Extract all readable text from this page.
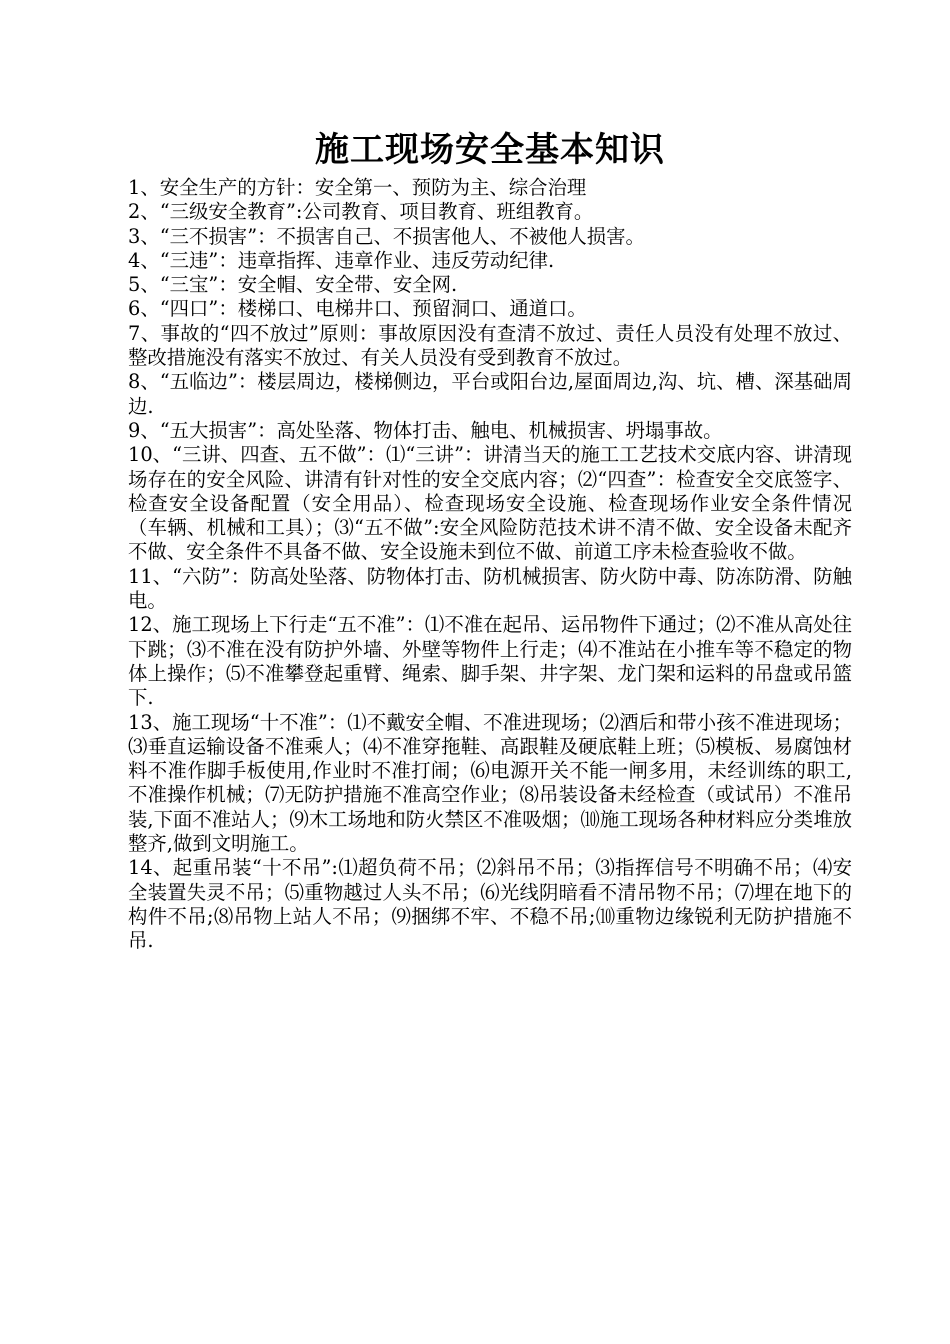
施工现场安全基本知识

1、安全生产的方针：安全第一、预防为主、综合治理

2、“三级安全教育”:公司教育、项目教育、班组教育。

3、“三不损害”：不损害自己、不损害他人、不被他人损害。

4、“三违”：违章指挥、违章作业、违反劳动纪律.

5、“三宝”：安全帽、安全带、安全网.

6、“四口”：楼梯口、电梯井口、预留洞口、通道口。

7、事故的“四不放过”原则：事故原因没有查清不放过、责任人员没有处理不放过、整改措施没有落实不放过、有关人员没有受到教育不放过。

8、“五临边”：楼层周边，楼梯侧边，平台或阳台边,屋面周边,沟、坑、槽、深基础周边.

9、“五大损害”：高处坠落、物体打击、触电、机械损害、坍塌事故。

10、“三讲、四查、五不做”：⑴“三讲”：讲清当天的施工工艺技术交底内容、讲清现场存在的安全风险、讲清有针对性的安全交底内容；⑵“四查”：检查安全交底签字、检查安全设备配置（安全用品）、检查现场安全设施、检查现场作业安全条件情况（车辆、机械和工具）；⑶“五不做”:安全风险防范技术讲不清不做、安全设备未配齐不做、安全条件不具备不做、安全设施未到位不做、前道工序未检查验收不做。

11、“六防”：防高处坠落、防物体打击、防机械损害、防火防中毒、防冻防滑、防触电。

12、施工现场上下行走“五不准”：⑴不准在起吊、运吊物件下通过；⑵不准从高处往下跳；⑶不准在没有防护外墙、外壁等物件上行走；⑷不准站在小推车等不稳定的物体上操作；⑸不准攀登起重臂、绳索、脚手架、井字架、龙门架和运料的吊盘或吊篮下.

13、施工现场“十不准”：⑴不戴安全帽、不准进现场；⑵酒后和带小孩不准进现场；⑶垂直运输设备不准乘人；⑷不准穿拖鞋、高跟鞋及硬底鞋上班；⑸模板、易腐蚀材料不准作脚手板使用,作业时不准打闹；⑹电源开关不能一闸多用，未经训练的职工,不准操作机械；⑺无防护措施不准高空作业；⑻吊装设备未经检查（或试吊）不准吊装,下面不准站人；⑼木工场地和防火禁区不准吸烟；⑽施工现场各种材料应分类堆放整齐,做到文明施工。

14、起重吊装“十不吊”:⑴超负荷不吊；⑵斜吊不吊；⑶指挥信号不明确不吊；⑷安全装置失灵不吊；⑸重物越过人头不吊；⑹光线阴暗看不清吊物不吊；⑺埋在地下的构件不吊;⑻吊物上站人不吊；⑼捆绑不牢、不稳不吊;⑽重物边缘锐利无防护措施不吊.
